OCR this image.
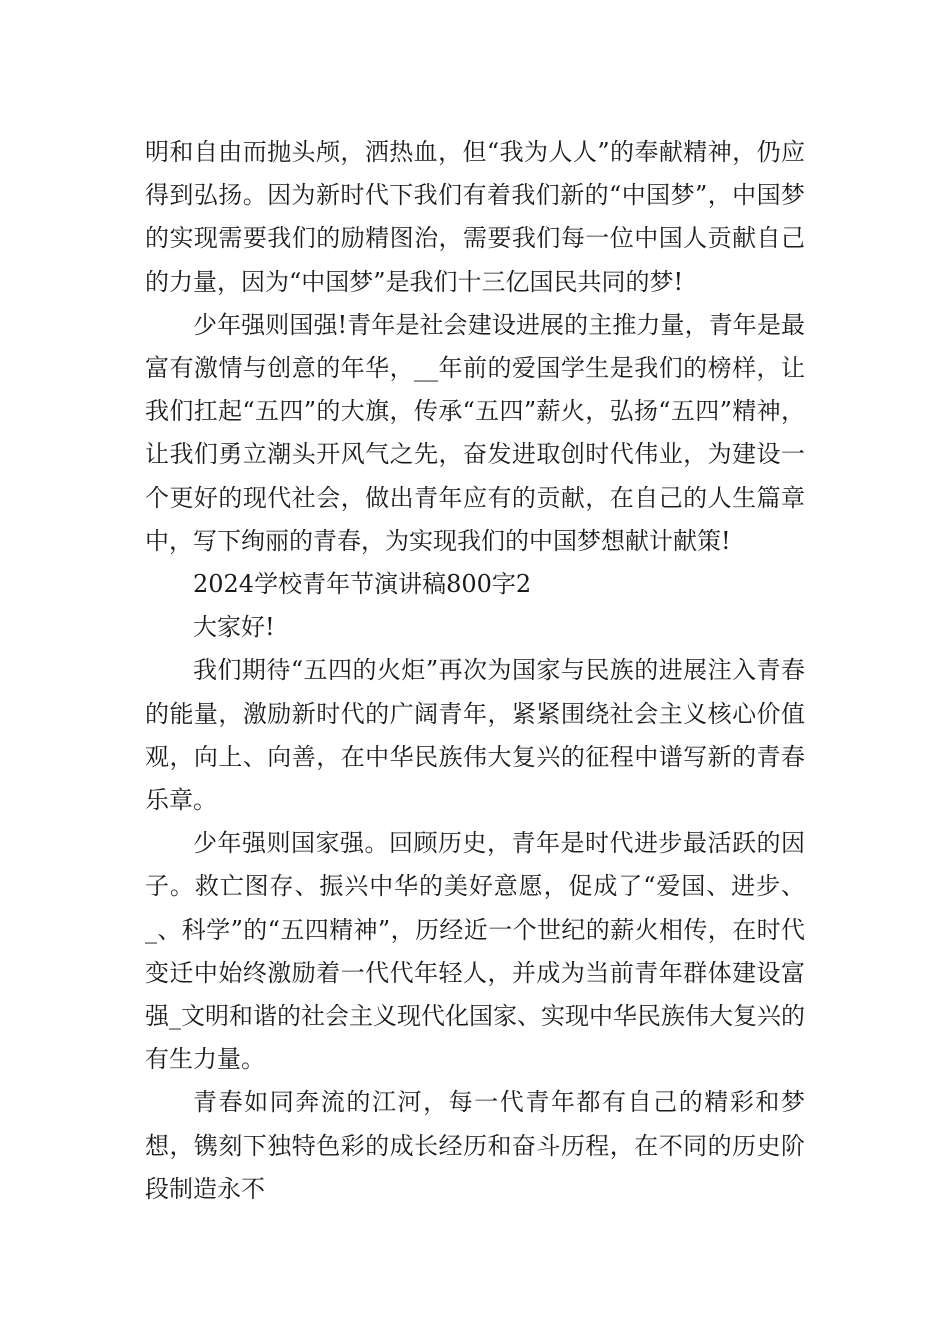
明和自由而抛头颅，洒热血，但“我为人人”的奉献精神，仍应得到弘扬。因为新时代下我们有着我们新的“中国梦”，中国梦的实现需要我们的励精图治，需要我们每一位中国人贡献自己的力量，因为“中国梦”是我们十三亿国民共同的梦!

少年强则国强!青年是社会建设进展的主推力量，青年是最富有激情与创意的年华，__年前的爱国学生是我们的榜样，让我们扛起“五四”的大旗，传承“五四”薪火，弘扬“五四”精神，让我们勇立潮头开风气之先，奋发进取创时代伟业，为建设一个更好的现代社会，做出青年应有的贡献，在自己的人生篇章中，写下绚丽的青春，为实现我们的中国梦想献计献策!

2024学校青年节演讲稿800字2

大家好!

我们期待“五四的火炬”再次为国家与民族的进展注入青春的能量，激励新时代的广阔青年，紧紧围绕社会主义核心价值观，向上、向善，在中华民族伟大复兴的征程中谱写新的青春乐章。

少年强则国家强。回顾历史，青年是时代进步最活跃的因子。救亡图存、振兴中华的美好意愿，促成了“爱国、进步、_、科学”的“五四精神”，历经近一个世纪的薪火相传，在时代变迁中始终激励着一代代年轻人，并成为当前青年群体建设富强_文明和谐的社会主义现代化国家、实现中华民族伟大复兴的有生力量。

青春如同奔流的江河，每一代青年都有自己的精彩和梦想，镌刻下独特色彩的成长经历和奋斗历程，在不同的历史阶段制造永不
